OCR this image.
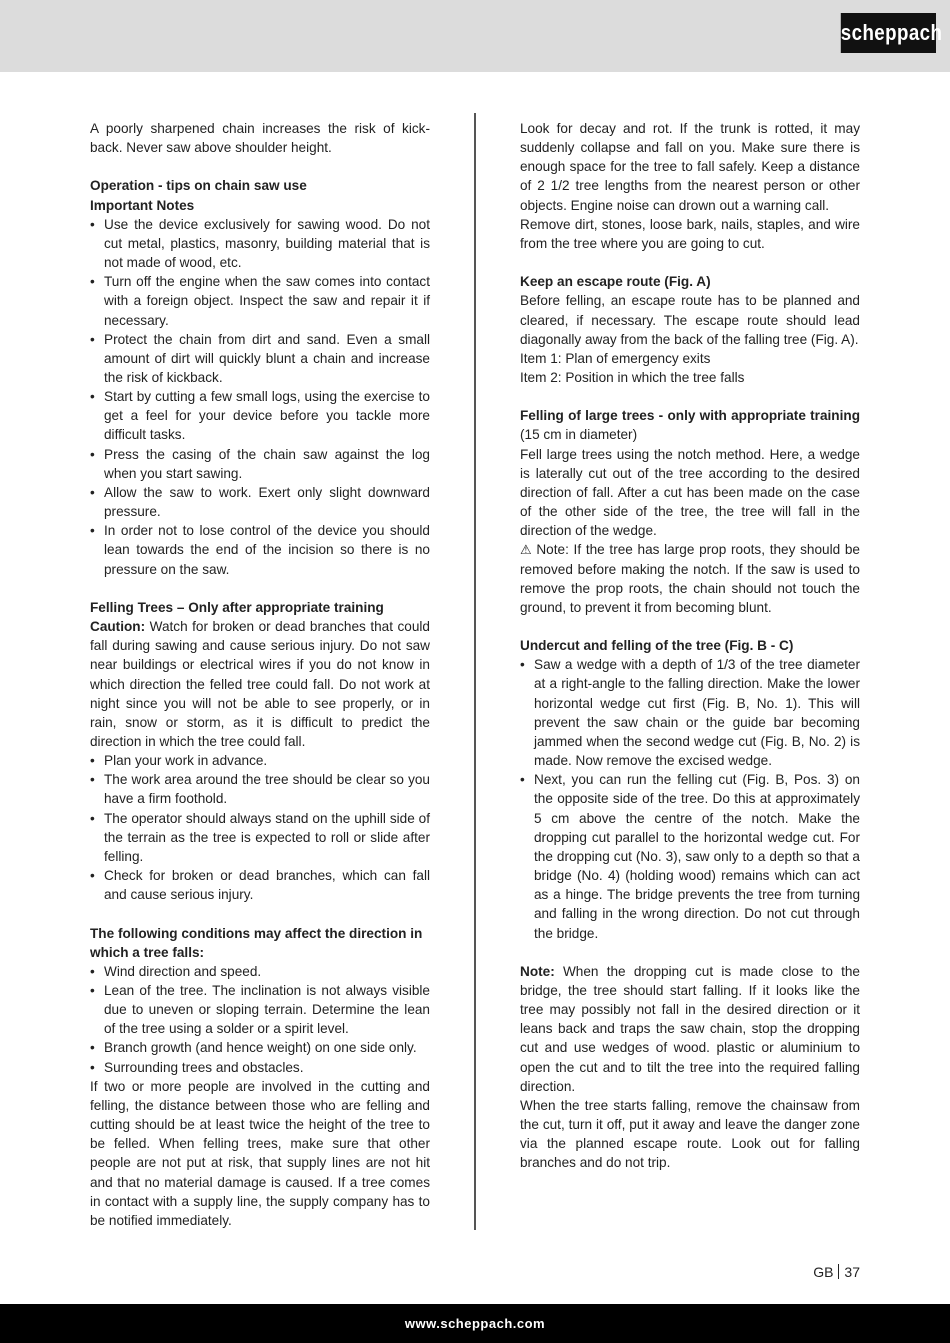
scheppach

A poorly sharpened chain increases the risk of kick-back. Never saw above shoulder height.

Operation - tips on chain saw use

Important Notes

• Use the device exclusively for sawing wood. Do not cut metal, plastics, masonry, building material that is not made of wood, etc.
• Turn off the engine when the saw comes into contact with a foreign object. Inspect the saw and repair it if necessary.
• Protect the chain from dirt and sand. Even a small amount of dirt will quickly blunt a chain and increase the risk of kickback.
• Start by cutting a few small logs, using the exercise to get a feel for your device before you tackle more difficult tasks.
• Press the casing of the chain saw against the log when you start sawing.
• Allow the saw to work. Exert only slight downward pressure.
• In order not to lose control of the device you should lean towards the end of the incision so there is no pressure on the saw.

Felling Trees – Only after appropriate training

Caution: Watch for broken or dead branches that could fall during sawing and cause serious injury. Do not saw near buildings or electrical wires if you do not know in which direction the felled tree could fall. Do not work at night since you will not be able to see properly, or in rain, snow or storm, as it is difficult to predict the direction in which the tree could fall.

• Plan your work in advance.
• The work area around the tree should be clear so you have a firm foothold.
• The operator should always stand on the uphill side of the terrain as the tree is expected to roll or slide after felling.
• Check for broken or dead branches, which can fall and cause serious injury.

The following conditions may affect the direction in which a tree falls:

• Wind direction and speed.
• Lean of the tree. The inclination is not always visible due to uneven or sloping terrain. Determine the lean of the tree using a solder or a spirit level.
• Branch growth (and hence weight) on one side only.
• Surrounding trees and obstacles.

If two or more people are involved in the cutting and felling, the distance between those who are felling and cutting should be at least twice the height of the tree to be felled. When felling trees, make sure that other people are not put at risk, that supply lines are not hit and that no material damage is caused. If a tree comes in contact with a supply line, the supply company has to be notified immediately.

Look for decay and rot. If the trunk is rotted, it may suddenly collapse and fall on you. Make sure there is enough space for the tree to fall safely. Keep a distance of 2 1/2 tree lengths from the nearest person or other objects. Engine noise can drown out a warning call.

Remove dirt, stones, loose bark, nails, staples, and wire from the tree where you are going to cut.

Keep an escape route (Fig. A)

Before felling, an escape route has to be planned and cleared, if necessary. The escape route should lead diagonally away from the back of the falling tree (Fig. A).

Item 1: Plan of emergency exits

Item 2: Position in which the tree falls

Felling of large trees - only with appropriate training (15 cm in diameter)

Fell large trees using the notch method. Here, a wedge is laterally cut out of the tree according to the desired direction of fall. After a cut has been made on the case of the other side of the tree, the tree will fall in the direction of the wedge.

⚠ Note: If the tree has large prop roots, they should be removed before making the notch. If the saw is used to remove the prop roots, the chain should not touch the ground, to prevent it from becoming blunt.

Undercut and felling of the tree (Fig. B - C)

• Saw a wedge with a depth of 1/3 of the tree diameter at a right-angle to the falling direction. Make the lower horizontal wedge cut first (Fig. B, No. 1). This will prevent the saw chain or the guide bar becoming jammed when the second wedge cut (Fig. B, No. 2) is made. Now remove the excised wedge.
• Next, you can run the felling cut (Fig. B, Pos. 3) on the opposite side of the tree. Do this at approximately 5 cm above the centre of the notch. Make the dropping cut parallel to the horizontal wedge cut. For the dropping cut (No. 3), saw only to a depth so that a bridge (No. 4) (holding wood) remains which can act as a hinge. The bridge prevents the tree from turning and falling in the wrong direction. Do not cut through the bridge.

Note: When the dropping cut is made close to the bridge, the tree should start falling. If it looks like the tree may possibly not fall in the desired direction or it leans back and traps the saw chain, stop the dropping cut and use wedges of wood. plastic or aluminium to open the cut and to tilt the tree into the required falling direction.

When the tree starts falling, remove the chainsaw from the cut, turn it off, put it away and leave the danger zone via the planned escape route. Look out for falling branches and do not trip.

GB 37
www.scheppach.com
